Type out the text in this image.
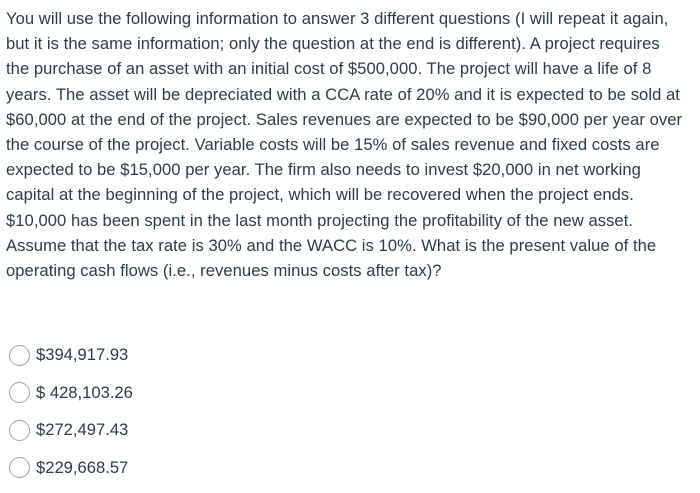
You will use the following information to answer 3 different questions (I will repeat it again, but it is the same information; only the question at the end is different). A project requires the purchase of an asset with an initial cost of $500,000. The project will have a life of 8 years. The asset will be depreciated with a CCA rate of 20% and it is expected to be sold at $60,000 at the end of the project. Sales revenues are expected to be $90,000 per year over the course of the project. Variable costs will be 15% of sales revenue and fixed costs are expected to be $15,000 per year. The firm also needs to invest $20,000 in net working capital at the beginning of the project, which will be recovered when the project ends. $10,000 has been spent in the last month projecting the profitability of the new asset. Assume that the tax rate is 30% and the WACC is 10%. What is the present value of the operating cash flows (i.e., revenues minus costs after tax)?

$394,917.93
$ 428,103.26
$272,497.43
$229,668.57
